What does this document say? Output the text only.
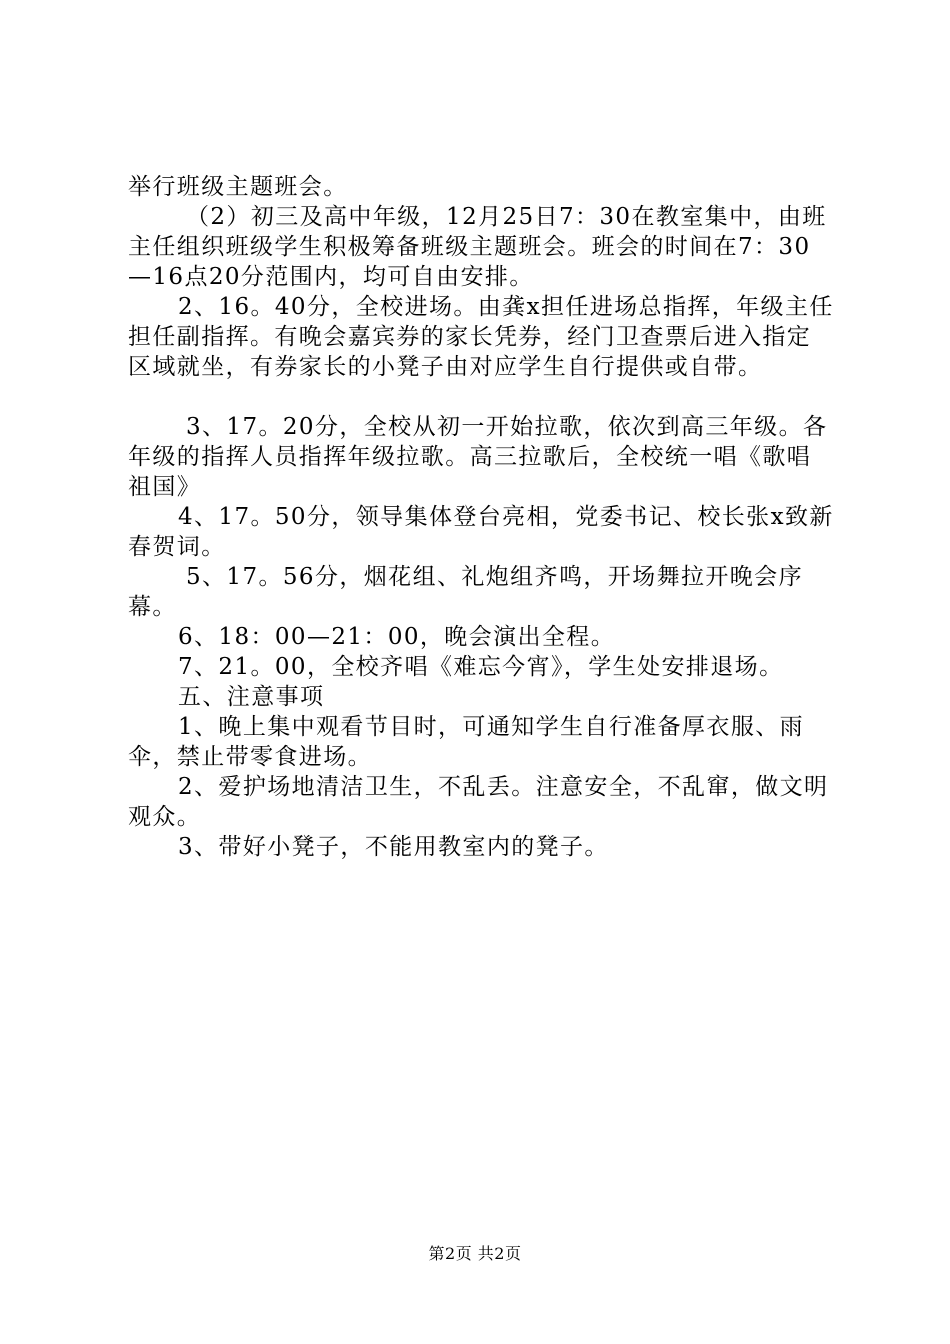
举行班级主题班会。

（2）初三及高中年级，12月25日7：30在教室集中，由班主任组织班级学生积极筹备班级主题班会。班会的时间在7：30—16点20分范围内，均可自由安排。

2、16。40分，全校进场。由龚x担任进场总指挥，年级主任担任副指挥。有晚会嘉宾券的家长凭券，经门卫查票后进入指定区域就坐，有券家长的小凳子由对应学生自行提供或自带。

3、17。20分，全校从初一开始拉歌，依次到高三年级。各年级的指挥人员指挥年级拉歌。高三拉歌后，全校统一唱《歌唱祖国》

4、17。50分，领导集体登台亮相，党委书记、校长张x致新春贺词。

5、17。56分，烟花组、礼炮组齐鸣，开场舞拉开晚会序幕。

6、18：00—21：00，晚会演出全程。

7、21。00，全校齐唱《难忘今宵》，学生处安排退场。

五、注意事项

1、晚上集中观看节目时，可通知学生自行准备厚衣服、雨伞，禁止带零食进场。

2、爱护场地清洁卫生，不乱丢。注意安全，不乱窜，做文明观众。

3、带好小凳子，不能用教室内的凳子。

第2页 共2页
